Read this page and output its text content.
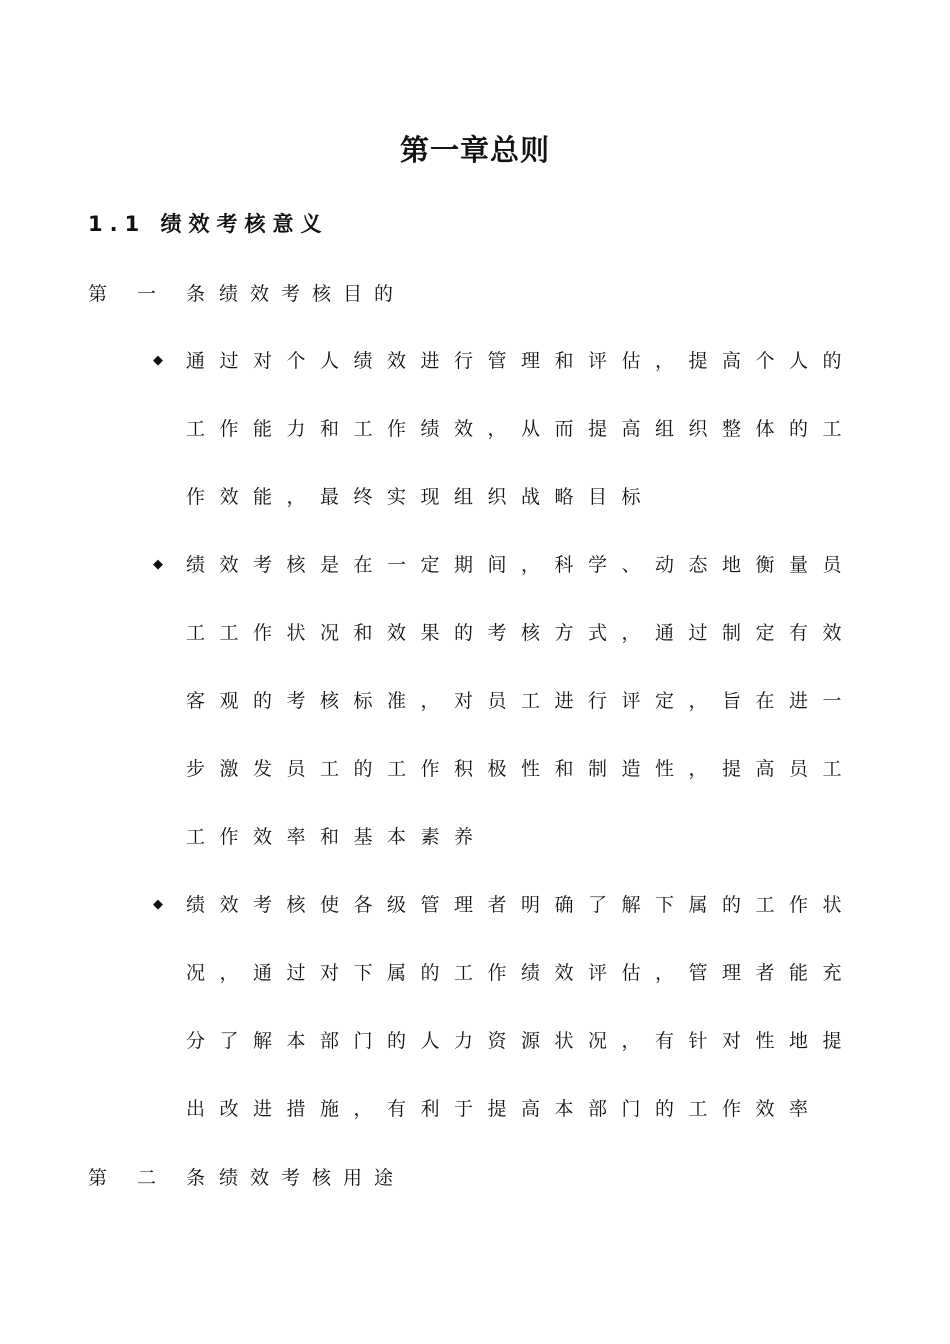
第一章总则
1.1 绩效考核意义
第 一 条 绩效考核目的
◆ 通过对个人绩效进行管理和评估，提高个人的工作能力和工作绩效，从而提高组织整体的工作效能，最终实现组织战略目标
◆ 绩效考核是在一定期间，科学、动态地衡量员工工作状况和效果的考核方式，通过制定有效客观的考核标准，对员工进行评定，旨在进一步激发员工的工作积极性和制造性，提高员工工作效率和基本素养
◆ 绩效考核使各级管理者明确了解下属的工作状况，通过对下属的工作绩效评估，管理者能充分了解本部门的人力资源状况，有针对性地提出改进措施，有利于提高本部门的工作效率
第 二 条 绩效考核用途
